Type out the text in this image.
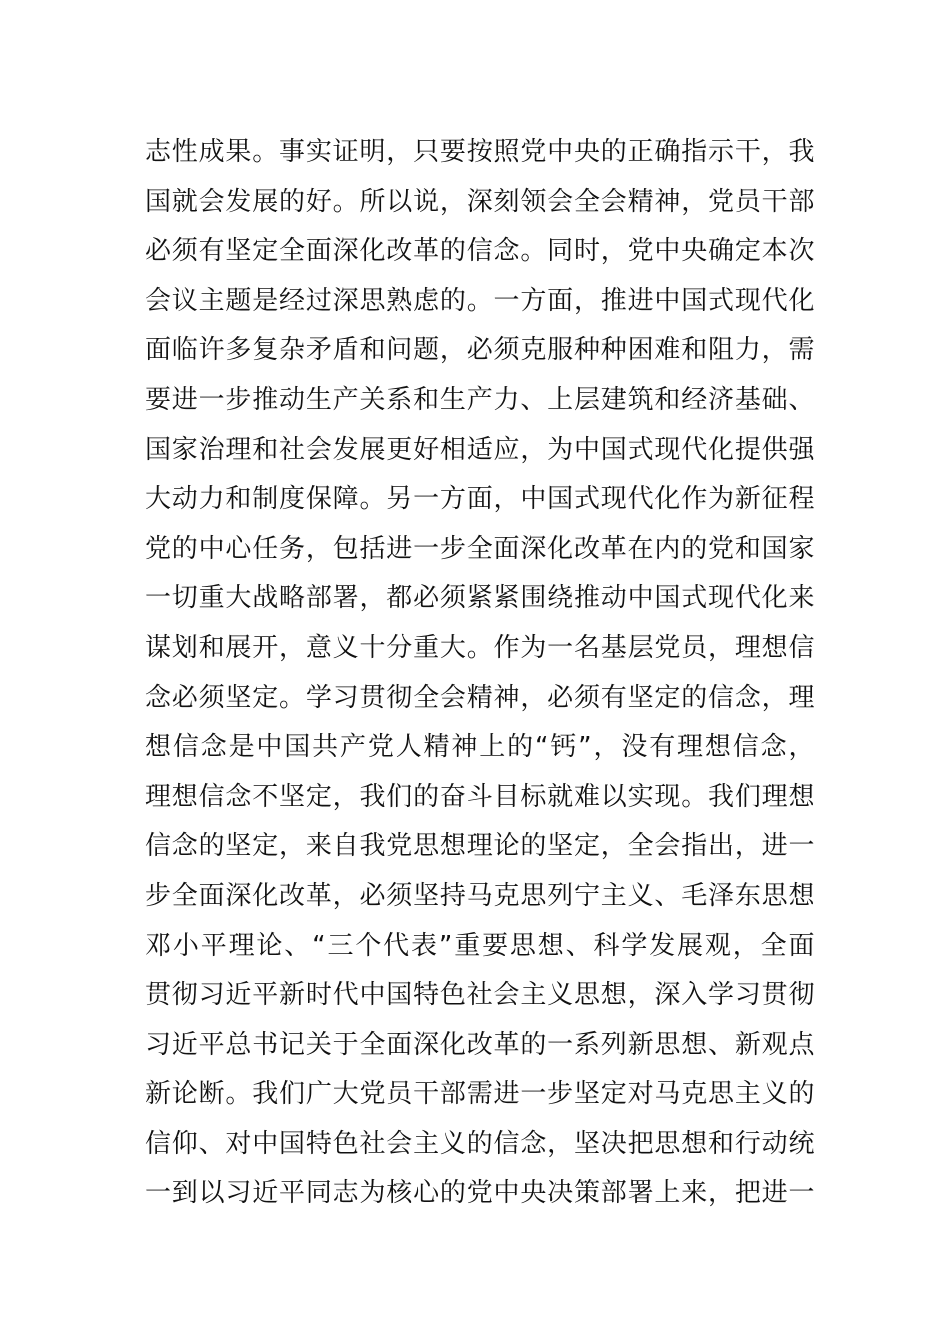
志性成果。事实证明，只要按照党中央的正确指示干，我
国就会发展的好。所以说，深刻领会全会精神，党员干部
必须有坚定全面深化改革的信念。同时，党中央确定本次
会议主题是经过深思熟虑的。一方面，推进中国式现代化
面临许多复杂矛盾和问题，必须克服种种困难和阻力，需
要进一步推动生产关系和生产力、上层建筑和经济基础、
国家治理和社会发展更好相适应，为中国式现代化提供强
大动力和制度保障。另一方面，中国式现代化作为新征程
党的中心任务，包括进一步全面深化改革在内的党和国家
一切重大战略部署，都必须紧紧围绕推动中国式现代化来
谋划和展开，意义十分重大。作为一名基层党员，理想信
念必须坚定。学习贯彻全会精神，必须有坚定的信念，理
想信念是中国共产党人精神上的“钙”，没有理想信念，
理想信念不坚定，我们的奋斗目标就难以实现。我们理想
信念的坚定，来自我党思想理论的坚定，全会指出，进一
步全面深化改革，必须坚持马克思列宁主义、毛泽东思想
邓小平理论、“三个代表”重要思想、科学发展观，全面
贯彻习近平新时代中国特色社会主义思想，深入学习贯彻
习近平总书记关于全面深化改革的一系列新思想、新观点
新论断。我们广大党员干部需进一步坚定对马克思主义的
信仰、对中国特色社会主义的信念，坚决把思想和行动统
一到以习近平同志为核心的党中央决策部署上来，把进一
